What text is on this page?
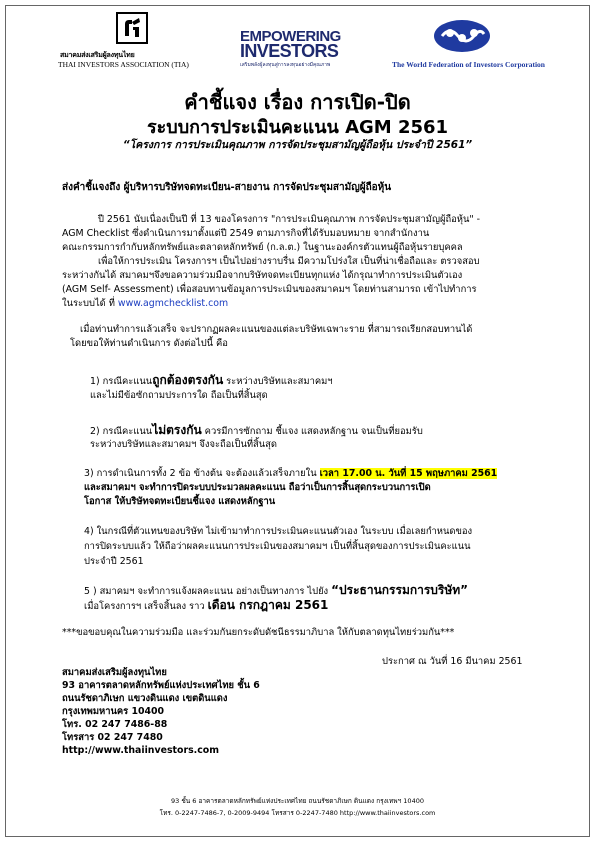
สมาคมส่งเสริมผู้ลงทุนไทย
THAI INVESTORS ASSOCIATION (TIA)
EMPOWERING
INVESTORS
เสริมพลังผู้ลงทุนสู่การลงทุนอย่างมีคุณภาพ	The World Federation of Investors Corporation
คำชี้แจง เรื่อง การเปิด-ปิด
ระบบการประเมินคะแนน AGM 2561
“โครงการ การประเมินคุณภาพ การจัดประชุมสามัญผู้ถือหุ้น ประจำปี 2561”
ส่งคำชี้แจงถึง ผู้บริหารบริษัทจดทะเบียน-สายงาน การจัดประชุมสามัญผู้ถือหุ้น
ปี 2561 นับเนื่องเป็นปี ที่ 13 ของโครงการ "การประเมินคุณภาพ การจัดประชุมสามัญผู้ถือหุ้น" -
AGM Checklist ซึ่งดำเนินการมาตั้งแต่ปี 2549 ตามภารกิจที่ได้รับมอบหมาย จากสำนักงาน
คณะกรรมการกำกับหลักทรัพย์และตลาดหลักทรัพย์ (ก.ล.ต.) ในฐานะองค์กรตัวแทนผู้ถือหุ้นรายบุคคล
เพื่อให้การประเมิน โครงการฯ เป็นไปอย่างราบรื่น มีความโปร่งใส เป็นที่น่าเชื่อถือและ ตรวจสอบ
ระหว่างกันได้ สมาคมฯจึงขอความร่วมมือจากบริษัทจดทะเบียนทุกแห่ง ได้กรุณาทำการประเมินตัวเอง
(AGM Self- Assessment) เพื่อสอบทานข้อมูลการประเมินของสมาคมฯ โดยท่านสามารถ เข้าไปทำการ
ในระบบได้ ที่ www.agmchecklist.com
เมื่อท่านทำการแล้วเสร็จ จะปรากฏผลคะแนนของแต่ละบริษัทเฉพาะราย ที่สามารถเรียกสอบทานได้
โดยขอให้ท่านดำเนินการ ดังต่อไปนี้ คือ
1) กรณีคะแนนถูกต้องตรงกัน ระหว่างบริษัทและสมาคมฯ
และไม่มีข้อซักถามประการใด ถือเป็นที่สิ้นสุด
2) กรณีคะแนนไม่ตรงกัน ควรมีการซักถาม ชี้แจง แสดงหลักฐาน จนเป็นที่ยอมรับ
ระหว่างบริษัทและสมาคมฯ จึงจะถือเป็นที่สิ้นสุด
3) การดำเนินการทั้ง 2 ข้อ ข้างต้น จะต้องแล้วเสร็จภายใน เวลา 17.00 น. วันที่ 15 พฤษภาคม 2561
และสมาคมฯ จะทำการปิดระบบประมวลผลคะแนน ถือว่าเป็นการสิ้นสุดกระบวนการเปิด
โอกาส ให้บริษัทจดทะเบียนชี้แจง แสดงหลักฐาน
4) ในกรณีที่ตัวแทนของบริษัท ไม่เข้ามาทำการประเมินคะแนนตัวเอง ในระบบ เมื่อเลยกำหนดของ
การปิดระบบแล้ว ให้ถือว่าผลคะแนนการประเมินของสมาคมฯ เป็นที่สิ้นสุดของการประเมินคะแนน
ประจำปี 2561
5 ) สมาคมฯ จะทำการแจ้งผลคะแนน อย่างเป็นทางการ ไปยัง “ประธานกรรมการบริษัท”
เมื่อโครงการฯ เสร็จสิ้นลง ราว เดือน กรกฎาคม 2561
***ขอขอบคุณในความร่วมมือ และร่วมกันยกระดับดัชนีธรรมาภิบาล ให้กับตลาดทุนไทยร่วมกัน***
ประกาศ ณ วันที่ 16 มีนาคม 2561
สมาคมส่งเสริมผู้ลงทุนไทย
93 อาคารตลาดหลักทรัพย์แห่งประเทศไทย ชั้น 6
ถนนรัชดาภิเษก แขวงดินแดง เขตดินแดง
กรุงเทพมหานคร 10400
โทร. 02 247 7486-88
โทรสาร 02 247 7480
http://www.thaiinvestors.com
93 ชั้น 6 อาคารตลาดหลักทรัพย์แห่งประเทศไทย ถนนรัชดาภิเษก ดินแดง กรุงเทพฯ 10400
โทร. 0-2247-7486-7, 0-2009-9494 โทรสาร 0-2247-7480 http://www.thaiinvestors.com
